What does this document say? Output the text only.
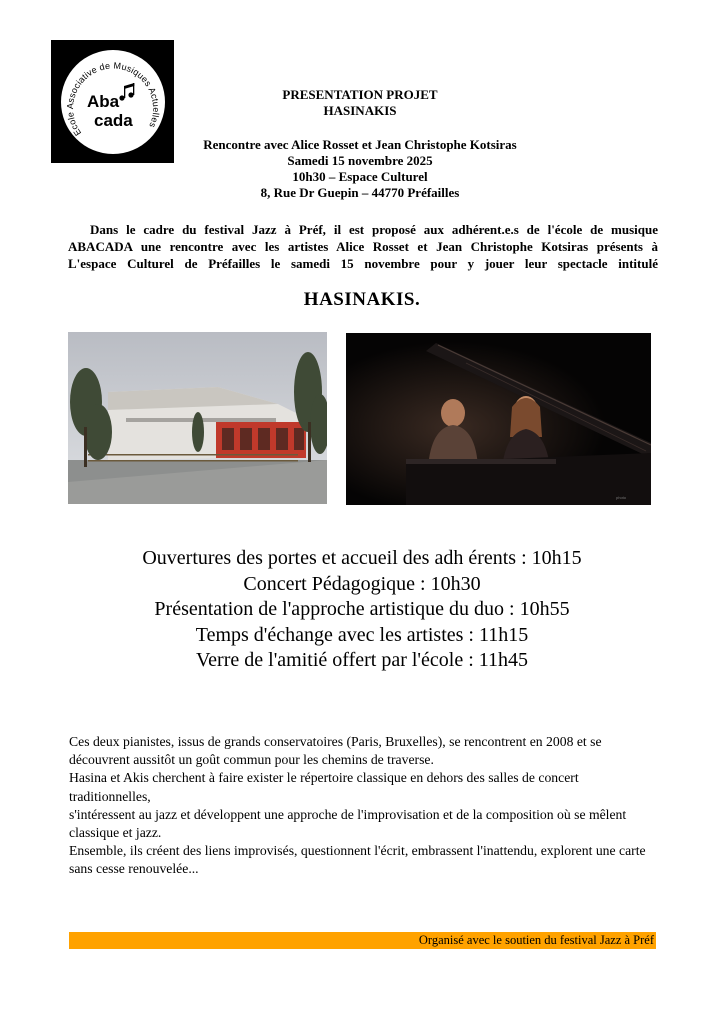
Ecole Associative de Musiques Actuelles
Aba
cada
PRESENTATION PROJET
HASINAKIS
Rencontre avec Alice Rosset et Jean Christophe Kotsiras
Samedi 15 novembre 2025
10h30 – Espace Culturel
8, Rue Dr Guepin – 44770 Préfailles
Dans le cadre du festival Jazz à Préf, il est proposé aux adhérent.e.s de l'école de musique
ABACADA une rencontre avec les artistes Alice Rosset et Jean Christophe Kotsiras présents à
L'espace Culturel de Préfailles le samedi 15 novembre pour y jouer leur spectacle intitulé
HASINAKIS.
photo
Ouvertures des portes et accueil des adh érents : 10h15
Concert Pédagogique : 10h30
Présentation de l'approche artistique du duo : 10h55
Temps d'échange avec les artistes : 11h15
Verre de l'amitié offert par l'école : 11h45
Ces deux pianistes, issus de grands conservatoires (Paris, Bruxelles), se rencontrent en 2008 et se découvrent aussitôt un goût commun pour les chemins de traverse.
Hasina et Akis cherchent à faire exister le répertoire classique en dehors des salles de concert traditionnelles,
s'intéressent au jazz et développent une approche de l'improvisation et de la composition où se mêlent classique et jazz.
Ensemble, ils créent des liens improvisés, questionnent l'écrit, embrassent l'inattendu, explorent une carte sans cesse renouvelée...
Organisé avec le soutien du festival Jazz à Préf
